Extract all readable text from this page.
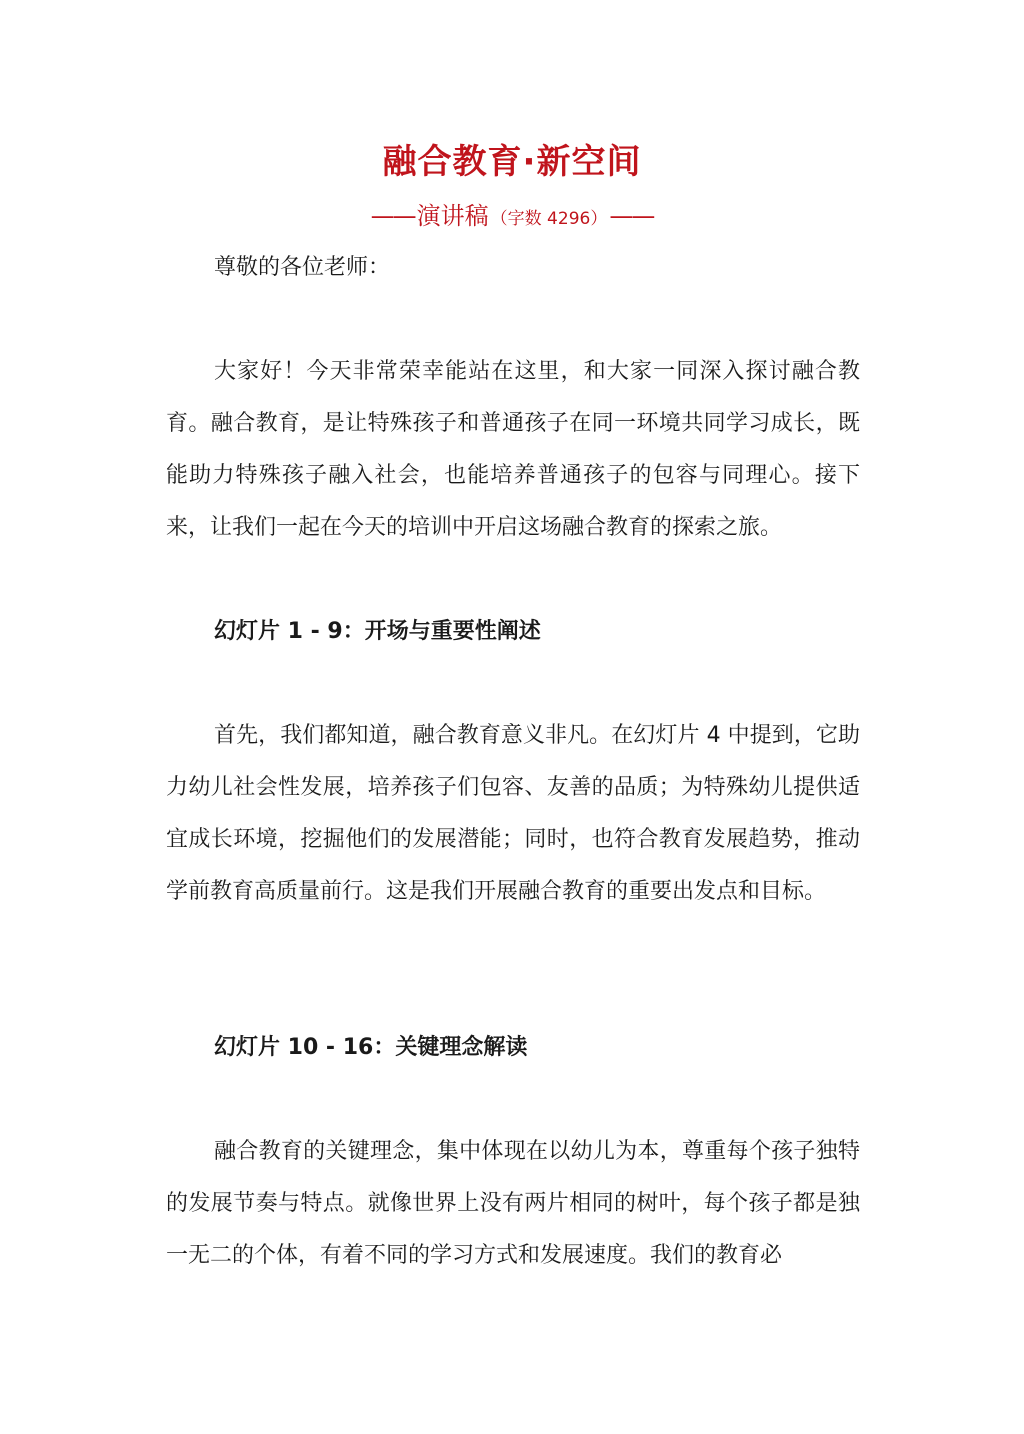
融合教育·新空间
——演讲稿 （字数 4296）——

尊敬的各位老师：

大家好！今天非常荣幸能站在这里，和大家一同深入探讨融合教育。融合教育，是让特殊孩子和普通孩子在同一环境共同学习成长，既能助力特殊孩子融入社会，也能培养普通孩子的包容与同理心。接下来，让我们一起在今天的培训中开启这场融合教育的探索之旅。

幻灯片 1 - 9：开场与重要性阐述

首先，我们都知道，融合教育意义非凡。在幻灯片 4 中提到，它助力幼儿社会性发展，培养孩子们包容、友善的品质；为特殊幼儿提供适宜成长环境，挖掘他们的发展潜能；同时，也符合教育发展趋势，推动学前教育高质量前行。这是我们开展融合教育的重要出发点和目标。

幻灯片 10 - 16：关键理念解读

融合教育的关键理念，集中体现在以幼儿为本，尊重每个孩子独特的发展节奏与特点。就像世界上没有两片相同的树叶，每个孩子都是独一无二的个体，有着不同的学习方式和发展速度。我们的教育必
